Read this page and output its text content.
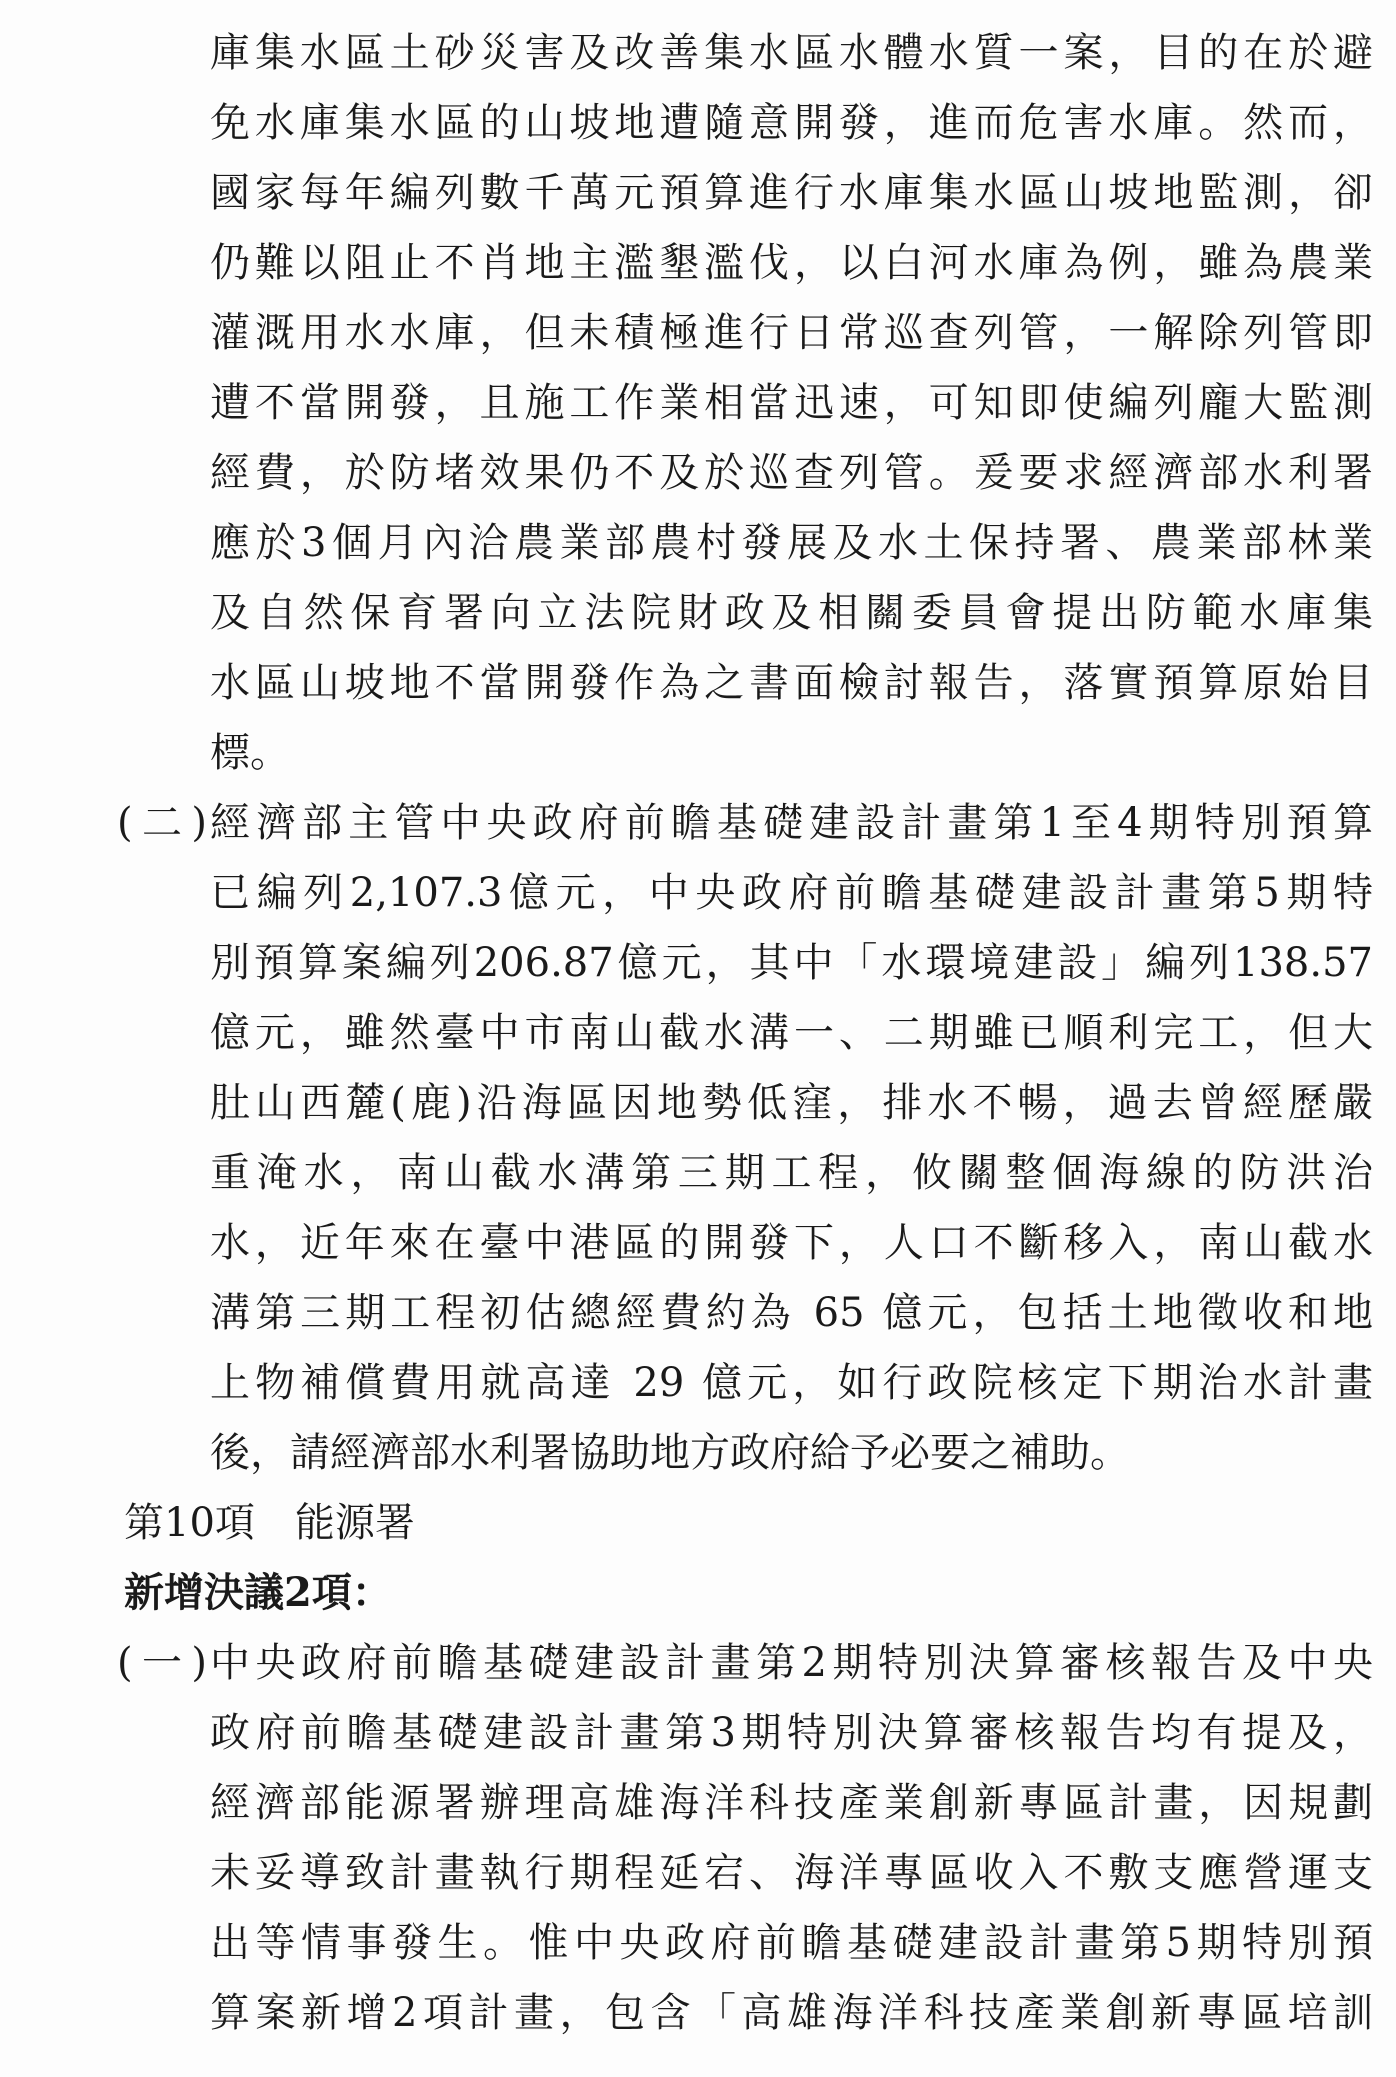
庫集水區土砂災害及改善集水區水體水質一案，目的在於避
免水庫集水區的山坡地遭隨意開發，進而危害水庫。然而，
國家每年編列數千萬元預算進行水庫集水區山坡地監測，卻
仍難以阻止不肖地主濫墾濫伐，以白河水庫為例，雖為農業
灌溉用水水庫，但未積極進行日常巡查列管，一解除列管即
遭不當開發，且施工作業相當迅速，可知即使編列龐大監測
經費，於防堵效果仍不及於巡查列管。爰要求經濟部水利署
應於3個月內洽農業部農村發展及水土保持署、農業部林業
及自然保育署向立法院財政及相關委員會提出防範水庫集
水區山坡地不當開發作為之書面檢討報告，落實預算原始目
標。
(二) 經濟部主管中央政府前瞻基礎建設計畫第1至4期特別預算
已編列2,107.3億元，中央政府前瞻基礎建設計畫第5期特
別預算案編列206.87億元，其中「水環境建設」編列138.57
億元，雖然臺中市南山截水溝一、二期雖已順利完工，但大
肚山西麓(鹿)沿海區因地勢低窪，排水不暢，過去曾經歷嚴
重淹水，南山截水溝第三期工程，攸關整個海線的防洪治
水，近年來在臺中港區的開發下，人口不斷移入，南山截水
溝第三期工程初估總經費約為 65 億元，包括土地徵收和地
上物補償費用就高達 29 億元，如行政院核定下期治水計畫
後，請經濟部水利署協助地方政府給予必要之補助。
第10項　能源署
新增決議2項：
(一) 中央政府前瞻基礎建設計畫第2期特別決算審核報告及中央
政府前瞻基礎建設計畫第3期特別決算審核報告均有提及，
經濟部能源署辦理高雄海洋科技產業創新專區計畫，因規劃
未妥導致計畫執行期程延宕、海洋專區收入不敷支應營運支
出等情事發生。惟中央政府前瞻基礎建設計畫第5期特別預
算案新增2項計畫，包含「高雄海洋科技產業創新專區培訓
